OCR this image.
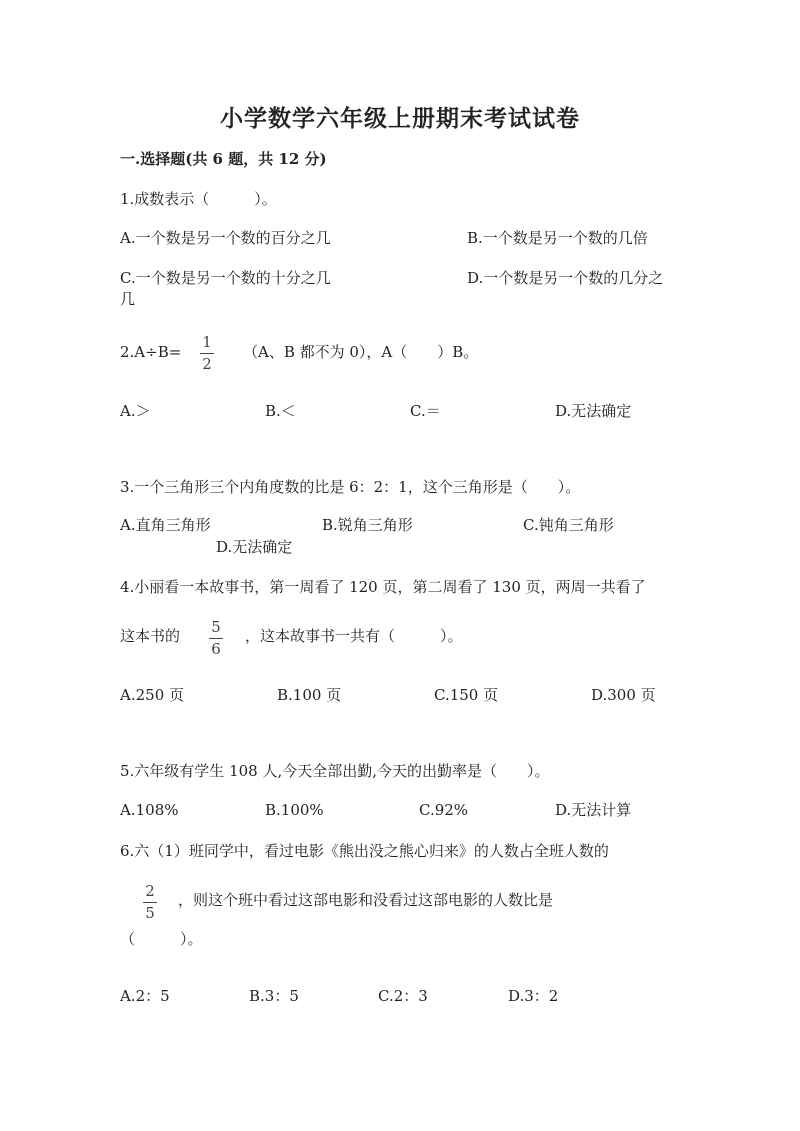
小学数学六年级上册期末考试试卷
一.选择题(共 6 题，共 12 分)
1.成数表示（　　　）。
A.一个数是另一个数的百分之几	B.一个数是另一个数的几倍
C.一个数是另一个数的十分之几	D.一个数是另一个数的几分之
几
2.A÷B=
1
2
（A、B 都不为 0），A（　　）B。
A.＞	B.＜	C.＝	D.无法确定
3.一个三角形三个内角度数的比是 6：2：1，这个三角形是（　　）。
A.直角三角形	B.锐角三角形	C.钝角三角形
D.无法确定
4.小丽看一本故事书，第一周看了 120 页，第二周看了 130 页，两周一共看了
这本书的 5
6
，这本故事书一共有（　　　）。
A.250 页	B.100 页	C.150 页	D.300 页
5.六年级有学生 108 人,今天全部出勤,今天的出勤率是（　　）。
A.108%	B.100%	C.92%	D.无法计算
6.六（1）班同学中，看过电影《熊出没之熊心归来》的人数占全班人数的
2
5
，则这个班中看过这部电影和没看过这部电影的人数比是
（　　　）。
A.2：5	B.3：5	C.2：3	D.3：2
